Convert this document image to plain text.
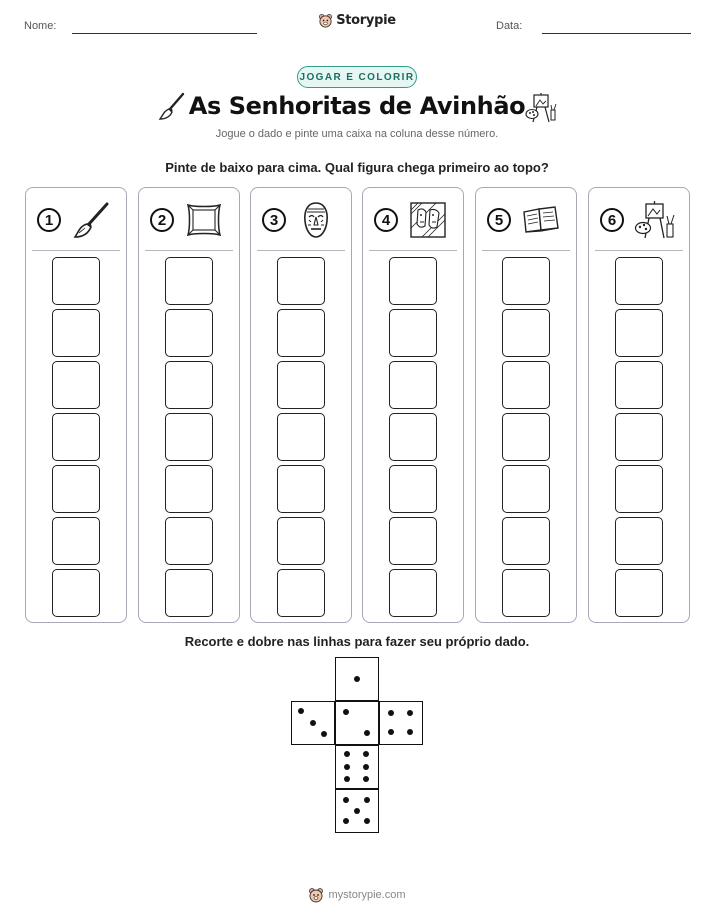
Nome:	Storypie	Data:
JOGAR E COLORIR
As Senhoritas de Avinhão
Jogue o dado e pinte uma caixa na coluna desse número.
Pinte de baixo para cima. Qual figura chega primeiro ao topo?
1	2	3	4	5	6
Recorte e dobre nas linhas para fazer seu próprio dado.
mystorypie.com
